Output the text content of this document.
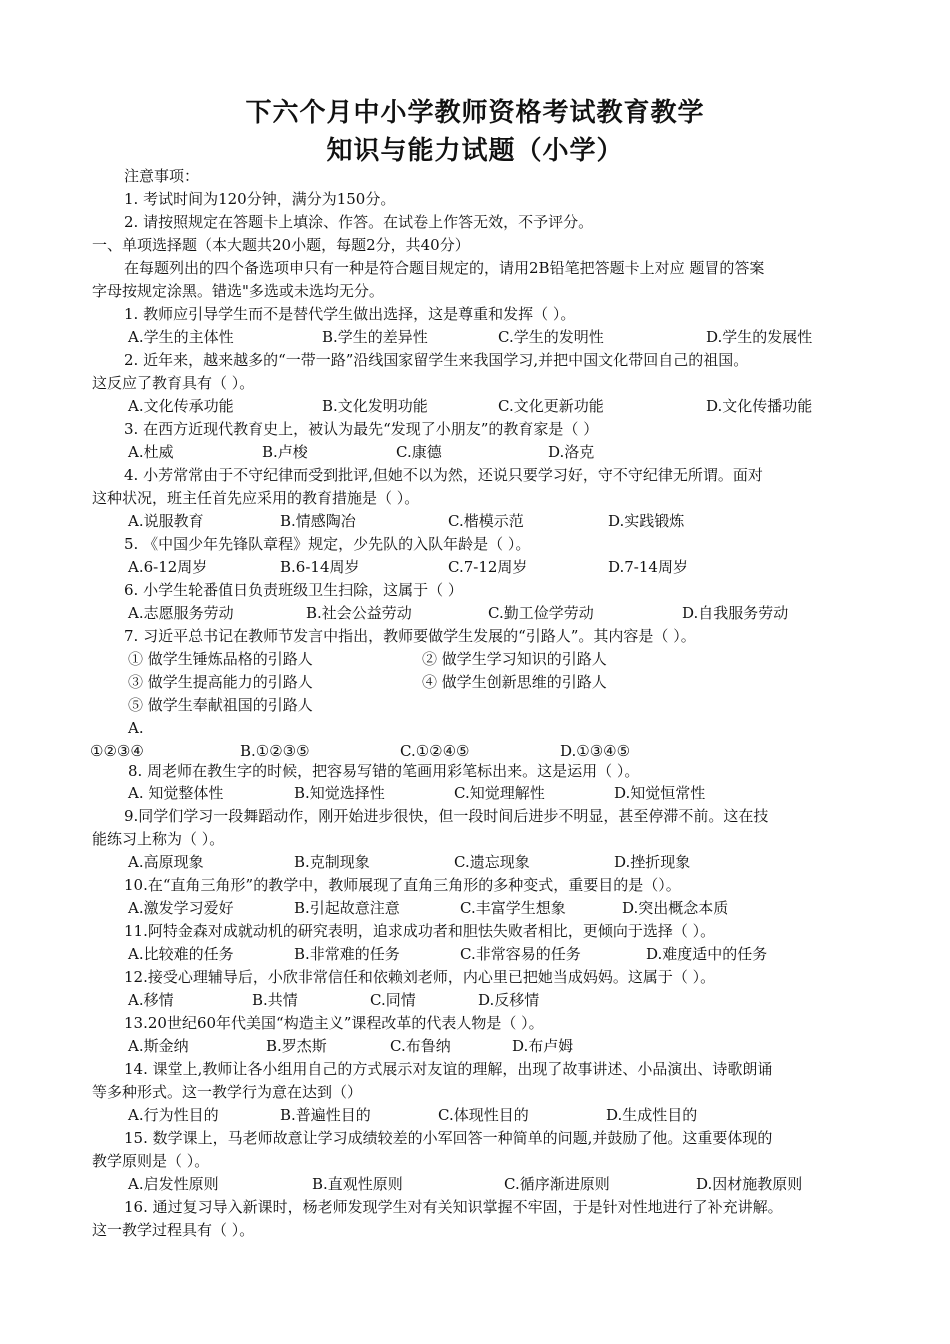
下六个月中小学教师资格考试教育教学
知识与能力试题（小学）
注意事项：
1. 考试时间为120分钟，满分为150分。
2. 请按照规定在答题卡上填涂、作答。在试卷上作答无效，不予评分。
一、单项选择题（本大题共20小题，每题2分，共40分）
在每题列出的四个备选项申只有一种是符合题目规定的，请用2B铅笔把答题卡上对应 题冒的答案
字母按规定涂黑。错选"多选或未选均无分。
1. 教师应引导学生而不是替代学生做出选择，这是尊重和发挥（ ）。
A.学生的主体性	B.学生的差异性	C.学生的发明性	D.学生的发展性
2. 近年来，越来越多的“一带一路”沿线国家留学生来我国学习,并把中国文化带回自己的祖国。
这反应了教育具有（ ）。
A.文化传承功能	B.文化发明功能	C.文化更新功能	D.文化传播功能
3. 在西方近现代教育史上，被认为最先“发现了小朋友”的教育家是（ ）
A.杜威	B.卢梭	C.康德	D.洛克
4. 小芳常常由于不守纪律而受到批评,但她不以为然，还说只要学习好，守不守纪律无所谓。面对
这种状况，班主任首先应采用的教育措施是（ ）。
A.说服教育	B.情感陶冶	C.楷模示范	D.实践锻炼
5. 《中国少年先锋队章程》规定，少先队的入队年龄是（ ）。
A.6-12周岁	B.6-14周岁	C.7-12周岁	D.7-14周岁
6. 小学生轮番值日负责班级卫生扫除，这属于（ ）
A.志愿服务劳动	B.社会公益劳动	C.勤工俭学劳动	D.自我服务劳动
7. 习近平总书记在教师节发言中指出，教师要做学生发展的“引路人”。其内容是（ ）。
① 做学生锤炼品格的引路人	② 做学生学习知识的引路人
③ 做学生提高能力的引路人	④ 做学生创新思维的引路人
⑤ 做学生奉献祖国的引路人
A.
①②③④	B.①②③⑤	C.①②④⑤	D.①③④⑤
8. 周老师在教生字的时候，把容易写错的笔画用彩笔标出来。这是运用（ ）。
A. 知觉整体性	B.知觉选择性	C.知觉理解性	D.知觉恒常性
9.同学们学习一段舞蹈动作，刚开始进步很快，但一段时间后进步不明显，甚至停滞不前。这在技
能练习上称为（ ）。
A.高原现象	B.克制现象	C.遗忘现象	D.挫折现象
10.在“直角三角形”的教学中，教师展现了直角三角形的多种变式，重要目的是（）。
A.激发学习爱好	B.引起故意注意	C.丰富学生想象	D.突出概念本质
11.阿特金森对成就动机的研究表明，追求成功者和胆怯失败者相比，更倾向于选择（ ）。
A.比较难的任务	B.非常难的任务	C.非常容易的任务	D.难度适中的任务
12.接受心理辅导后，小欣非常信任和依赖刘老师，内心里已把她当成妈妈。这属于（ ）。
A.移情	B.共情	C.同情	D.反移情
13.20世纪60年代美国“构造主义”课程改革的代表人物是（ ）。
A.斯金纳	B.罗杰斯	C.布鲁纳	D.布卢姆
14. 课堂上,教师让各小组用自己的方式展示对友谊的理解，出现了故事讲述、小品演出、诗歌朗诵
等多种形式。这一教学行为意在达到（）
A.行为性目的	B.普遍性目的	C.体现性目的	D.生成性目的
15. 数学课上，马老师故意让学习成绩较差的小军回答一种简单的问题,并鼓励了他。这重要体现的
教学原则是（ ）。
A.启发性原则	B.直观性原则	C.循序渐进原则	D.因材施教原则
16. 通过复习导入新课时，杨老师发现学生对有关知识掌握不牢固，于是针对性地进行了补充讲解。
这一教学过程具有（ ）。
